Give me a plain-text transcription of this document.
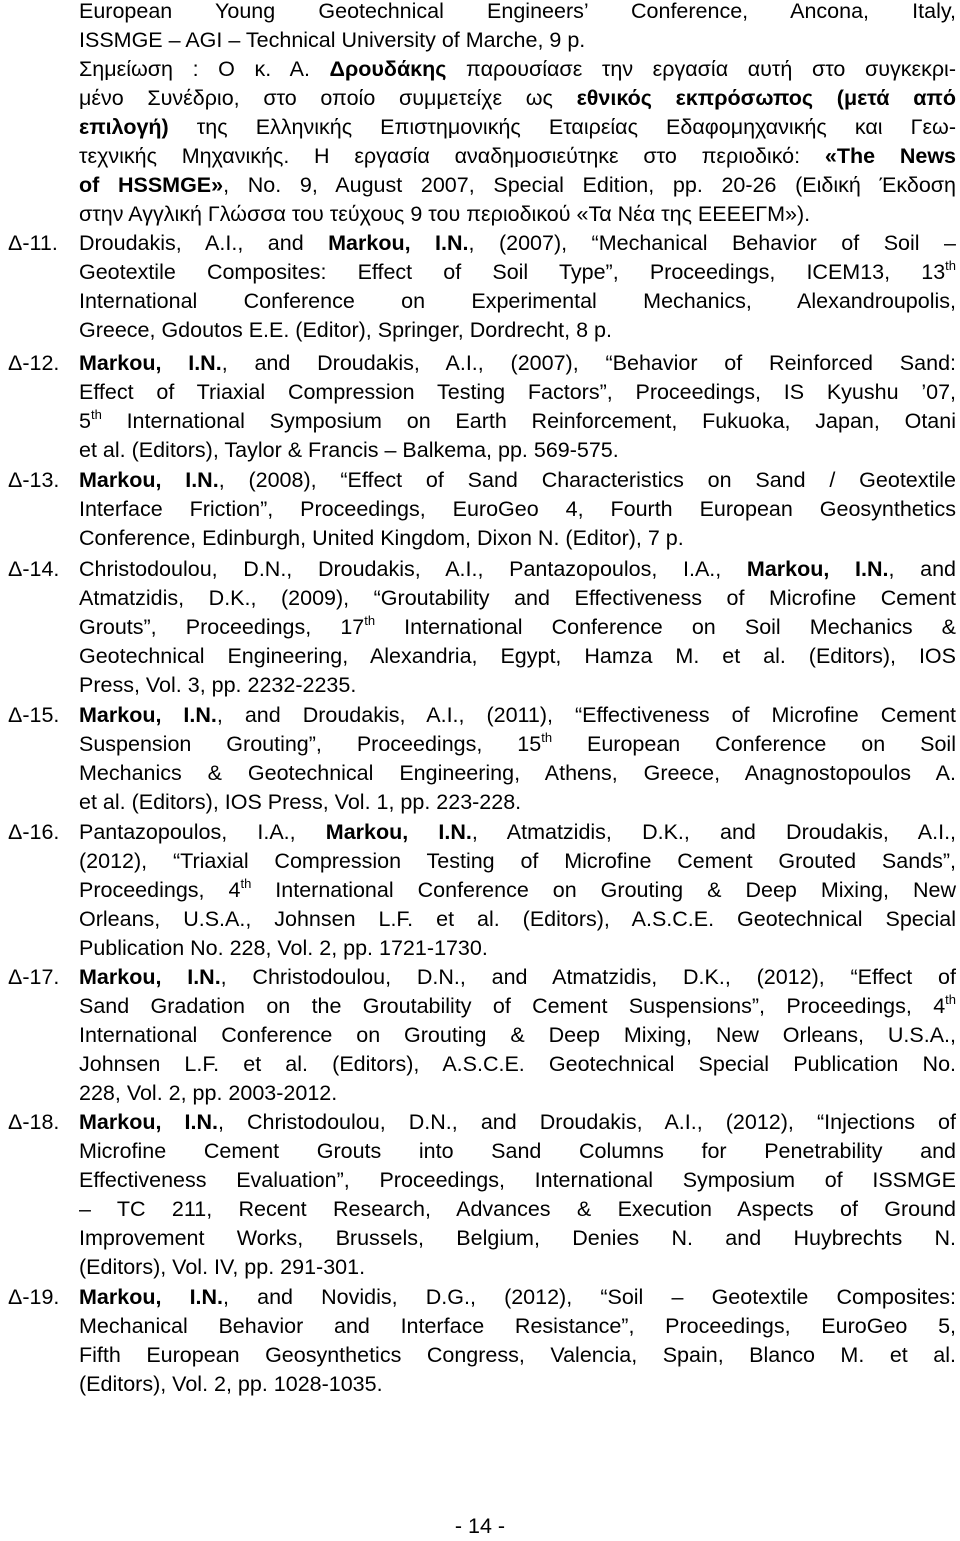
European Young Geotechnical Engineers’ Conference, Ancona, Italy,
ISSMGE – AGI – Technical University of Marche, 9 p.
Σημείωση : Ο κ. Α. Δρουδάκης παρουσίασε την εργασία αυτή στο συγκεκρι-
μένο Συνέδριο, στο οποίο συμμετείχε ως εθνικός εκπρόσωπος (μετά από
επιλογή) της Ελληνικής Επιστημονικής Εταιρείας Εδαφομηχανικής και Γεω-
τεχνικής Μηχανικής. Η εργασία αναδημοσιεύτηκε στο περιοδικό: «The News
of HSSMGE», No. 9, August 2007, Special Edition, pp. 20-26 (Ειδική Έκδοση
στην Αγγλική Γλώσσα του τεύχους 9 του περιοδικού «Τα Νέα της ΕΕΕΕΓΜ»).
Δ-11. Droudakis, A.I., and Markou, I.N., (2007), “Mechanical Behavior of Soil –
Geotextile Composites: Effect of Soil Type”, Proceedings, ICEM13, 13th
International Conference on Experimental Mechanics, Alexandroupolis,
Greece, Gdoutos E.E. (Editor), Springer, Dordrecht, 8 p.
Δ-12. Markou, I.N., and Droudakis, A.I., (2007), “Behavior of Reinforced Sand:
Effect of Triaxial Compression Testing Factors”, Proceedings, IS Kyushu ’07,
5th International Symposium on Earth Reinforcement, Fukuoka, Japan, Otani
et al. (Editors), Taylor & Francis – Balkema, pp. 569-575.
Δ-13. Markou, I.N., (2008), “Effect of Sand Characteristics on Sand / Geotextile
Interface Friction”, Proceedings, EuroGeo 4, Fourth European Geosynthetics
Conference, Edinburgh, United Kingdom, Dixon N. (Editor), 7 p.
Δ-14. Christodoulou, D.N., Droudakis, A.I., Pantazopoulos, I.A., Markou, I.N., and
Atmatzidis, D.K., (2009), “Groutability and Effectiveness of Microfine Cement
Grouts”, Proceedings, 17th International Conference on Soil Mechanics &
Geotechnical Engineering, Alexandria, Egypt, Hamza M. et al. (Editors), IOS
Press, Vol. 3, pp. 2232-2235.
Δ-15. Markou, I.N., and Droudakis, A.I., (2011), “Effectiveness of Microfine Cement
Suspension Grouting”, Proceedings, 15th European Conference on Soil
Mechanics & Geotechnical Engineering, Athens, Greece, Anagnostopoulos A.
et al. (Editors), IOS Press, Vol. 1, pp. 223-228.
Δ-16. Pantazopoulos, I.A., Markou, I.N., Atmatzidis, D.K., and Droudakis, A.I.,
(2012), “Triaxial Compression Testing of Microfine Cement Grouted Sands”,
Proceedings, 4th International Conference on Grouting & Deep Mixing, New
Orleans, U.S.A., Johnsen L.F. et al. (Editors), A.S.C.E. Geotechnical Special
Publication No. 228, Vol. 2, pp. 1721-1730.
Δ-17. Markou, I.N., Christodoulou, D.N., and Atmatzidis, D.K., (2012), “Effect of
Sand Gradation on the Groutability of Cement Suspensions”, Proceedings, 4th
International Conference on Grouting & Deep Mixing, New Orleans, U.S.A.,
Johnsen L.F. et al. (Editors), A.S.C.E. Geotechnical Special Publication No.
228, Vol. 2, pp. 2003-2012.
Δ-18. Markou, I.N., Christodoulou, D.N., and Droudakis, A.I., (2012), “Injections of
Microfine Cement Grouts into Sand Columns for Penetrability and
Effectiveness Evaluation”, Proceedings, International Symposium of ISSMGE
– TC 211, Recent Research, Advances & Execution Aspects of Ground
Improvement Works, Brussels, Belgium, Denies N. and Huybrechts N.
(Editors), Vol. IV, pp. 291-301.
Δ-19. Markou, I.N., and Novidis, D.G., (2012), “Soil – Geotextile Composites:
Mechanical Behavior and Interface Resistance”, Proceedings, EuroGeo 5,
Fifth European Geosynthetics Congress, Valencia, Spain, Blanco M. et al.
(Editors), Vol. 2, pp. 1028-1035.
- 14 -
